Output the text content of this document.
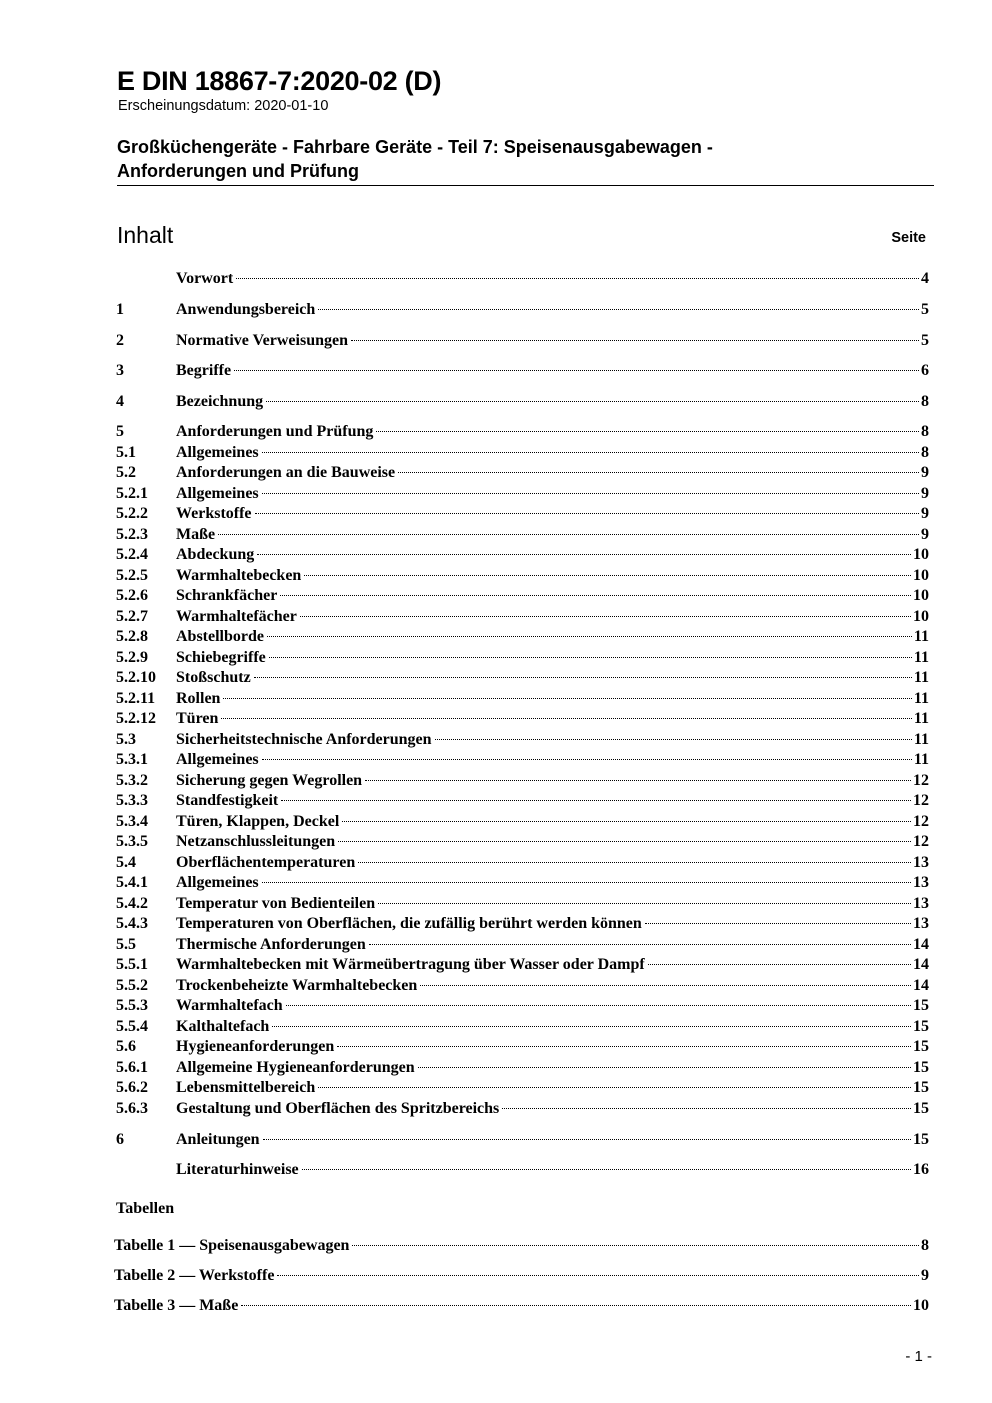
E DIN 18867-7:2020-02 (D)
Erscheinungsdatum: 2020-01-10
Großküchengeräte - Fahrbare Geräte - Teil 7: Speisenausgabewagen -
Anforderungen und Prüfung
Inhalt	Seite
Vorwort	4
1	Anwendungsbereich	5
2	Normative Verweisungen	5
3	Begriffe	6
4	Bezeichnung	8
5	Anforderungen und Prüfung	8
5.1	Allgemeines	8
5.2	Anforderungen an die Bauweise	9
5.2.1	Allgemeines	9
5.2.2	Werkstoffe	9
5.2.3	Maße	9
5.2.4	Abdeckung	10
5.2.5	Warmhaltebecken	10
5.2.6	Schrankfächer	10
5.2.7	Warmhaltefächer	10
5.2.8	Abstellborde	11
5.2.9	Schiebegriffe	11
5.2.10	Stoßschutz	11
5.2.11	Rollen	11
5.2.12	Türen	11
5.3	Sicherheitstechnische Anforderungen	11
5.3.1	Allgemeines	11
5.3.2	Sicherung gegen Wegrollen	12
5.3.3	Standfestigkeit	12
5.3.4	Türen, Klappen, Deckel	12
5.3.5	Netzanschlussleitungen	12
5.4	Oberflächentemperaturen	13
5.4.1	Allgemeines	13
5.4.2	Temperatur von Bedienteilen	13
5.4.3	Temperaturen von Oberflächen, die zufällig berührt werden können	13
5.5	Thermische Anforderungen	14
5.5.1	Warmhaltebecken mit Wärmeübertragung über Wasser oder Dampf	14
5.5.2	Trockenbeheizte Warmhaltebecken	14
5.5.3	Warmhaltefach	15
5.5.4	Kalthaltefach	15
5.6	Hygieneanforderungen	15
5.6.1	Allgemeine Hygieneanforderungen	15
5.6.2	Lebensmittelbereich	15
5.6.3	Gestaltung und Oberflächen des Spritzbereichs	15
6	Anleitungen	15
Literaturhinweise	16
Tabellen
Tabelle 1 — Speisenausgabewagen	8
Tabelle 2 — Werkstoffe	9
Tabelle 3 — Maße	10
- 1 -
